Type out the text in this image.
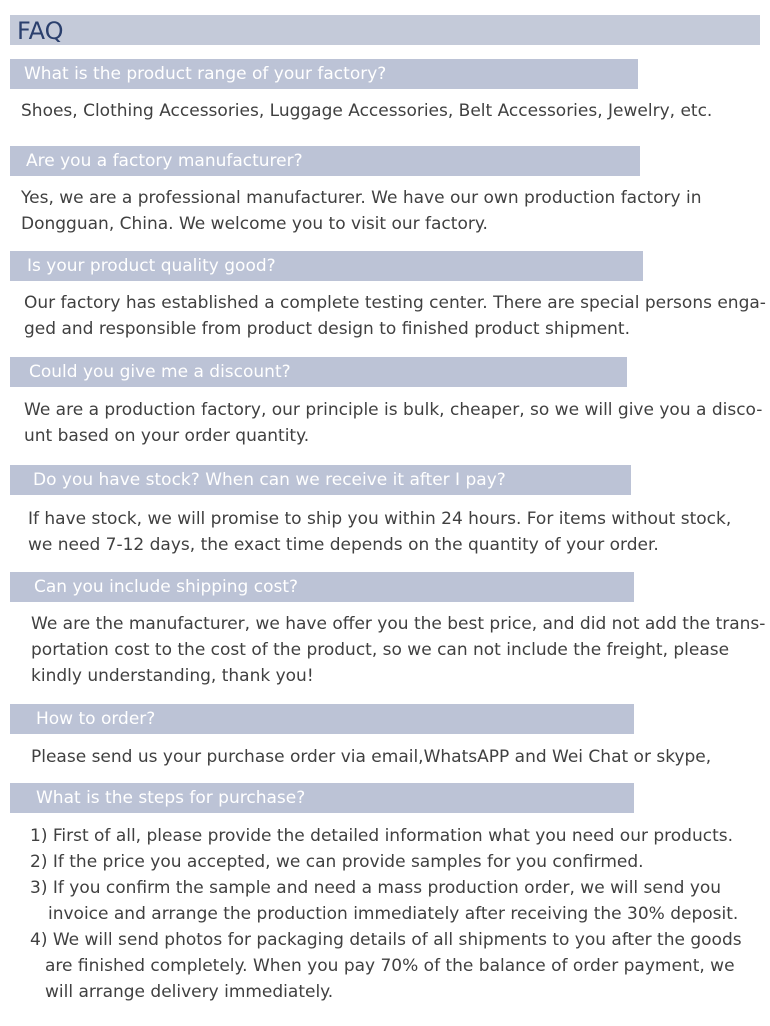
FAQ
What is the product range of your factory?
Shoes, Clothing Accessories, Luggage Accessories, Belt Accessories, Jewelry, etc.
Are you a factory manufacturer?
Yes, we are a professional manufacturer. We have our own production factory in
Dongguan, China. We welcome you to visit our factory.
Is your product quality good?
Our factory has established a complete testing center. There are special persons enga-
ged and responsible from product design to finished product shipment.
Could you give me a discount?
We are a production factory, our principle is bulk, cheaper, so we will give you a disco-
unt based on your order quantity.
Do you have stock? When can we receive it after I pay?
If have stock, we will promise to ship you within 24 hours. For items without stock,
we need 7-12 days, the exact time depends on the quantity of your order.
Can you include shipping cost?
We are the manufacturer, we have offer you the best price, and did not add the trans-
portation cost to the cost of the product, so we can not include the freight, please
kindly understanding, thank you!
How to order?
Please send us your purchase order via email,WhatsAPP and Wei Chat or skype,
What is the steps for purchase?
1) First of all, please provide the detailed information what you need our products.
2) If the price you accepted, we can provide samples for you confirmed.
3) If you confirm the sample and need a mass production order, we will send you
invoice and arrange the production immediately after receiving the 30% deposit.
4) We will send photos for packaging details of all shipments to you after the goods
are finished completely. When you pay 70% of the balance of order payment, we
will arrange delivery immediately.
